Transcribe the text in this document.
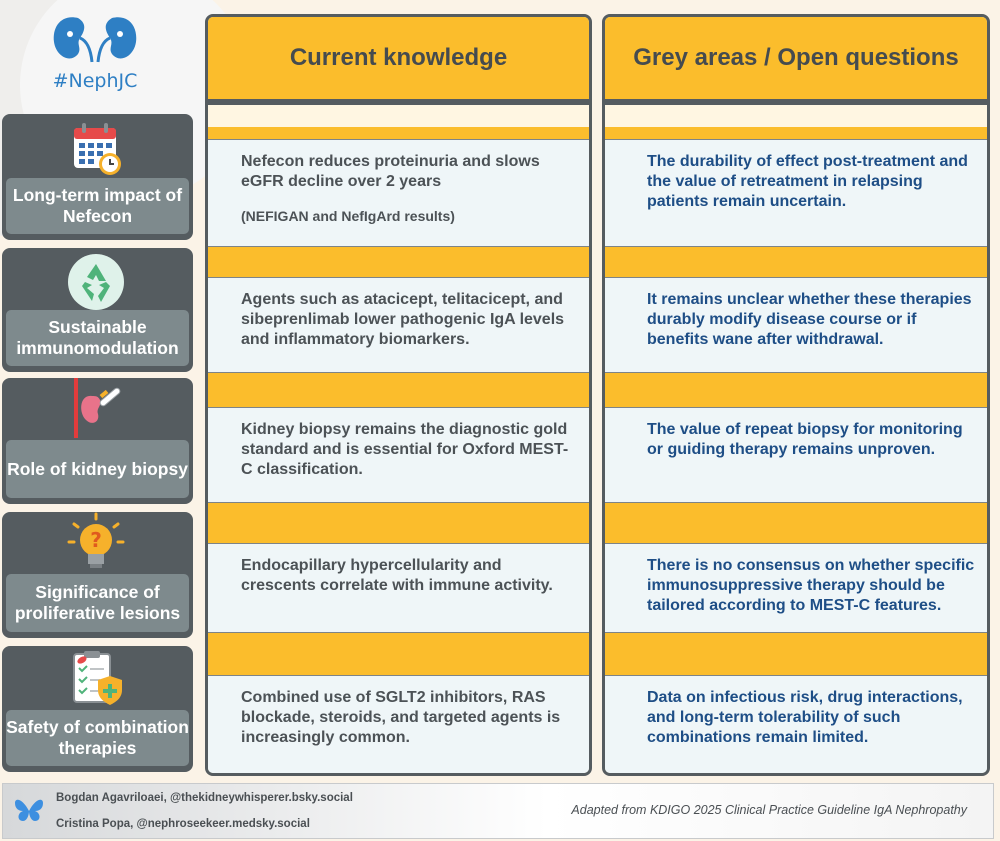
#NephJC
Current knowledge
Nefecon reduces proteinuria and slows eGFR decline over 2 years
(NEFIGAN and NefIgArd results)
Agents such as atacicept, telitacicept, and sibeprenlimab lower pathogenic IgA levels and inflammatory biomarkers.
Kidney biopsy remains the diagnostic gold standard and is essential for Oxford MEST-C classification.
Endocapillary hypercellularity and crescents correlate with immune activity.
Combined use of SGLT2 inhibitors, RAS blockade, steroids, and targeted agents is increasingly common.
Grey areas / Open questions
The durability of effect post-treatment and the value of retreatment in relapsing patients remain uncertain.
It remains unclear whether these therapies durably modify disease course or if benefits wane after withdrawal.
The value of repeat biopsy for monitoring or guiding therapy remains unproven.
There is no consensus on whether specific immunosuppressive therapy should be tailored according to MEST-C features.
Data on infectious risk, drug interactions, and long-term tolerability of such combinations remain limited.
Long-term impact of Nefecon
Sustainable immunomodulation
Role of kidney biopsy
?
Significance of proliferative lesions
Safety of combination therapies
Bogdan Agavriloaei, @thekidneywhisperer.bsky.social
Cristina Popa, @nephroseekeer.medsky.social
Adapted from KDIGO 2025 Clinical Practice Guideline IgA Nephropathy
